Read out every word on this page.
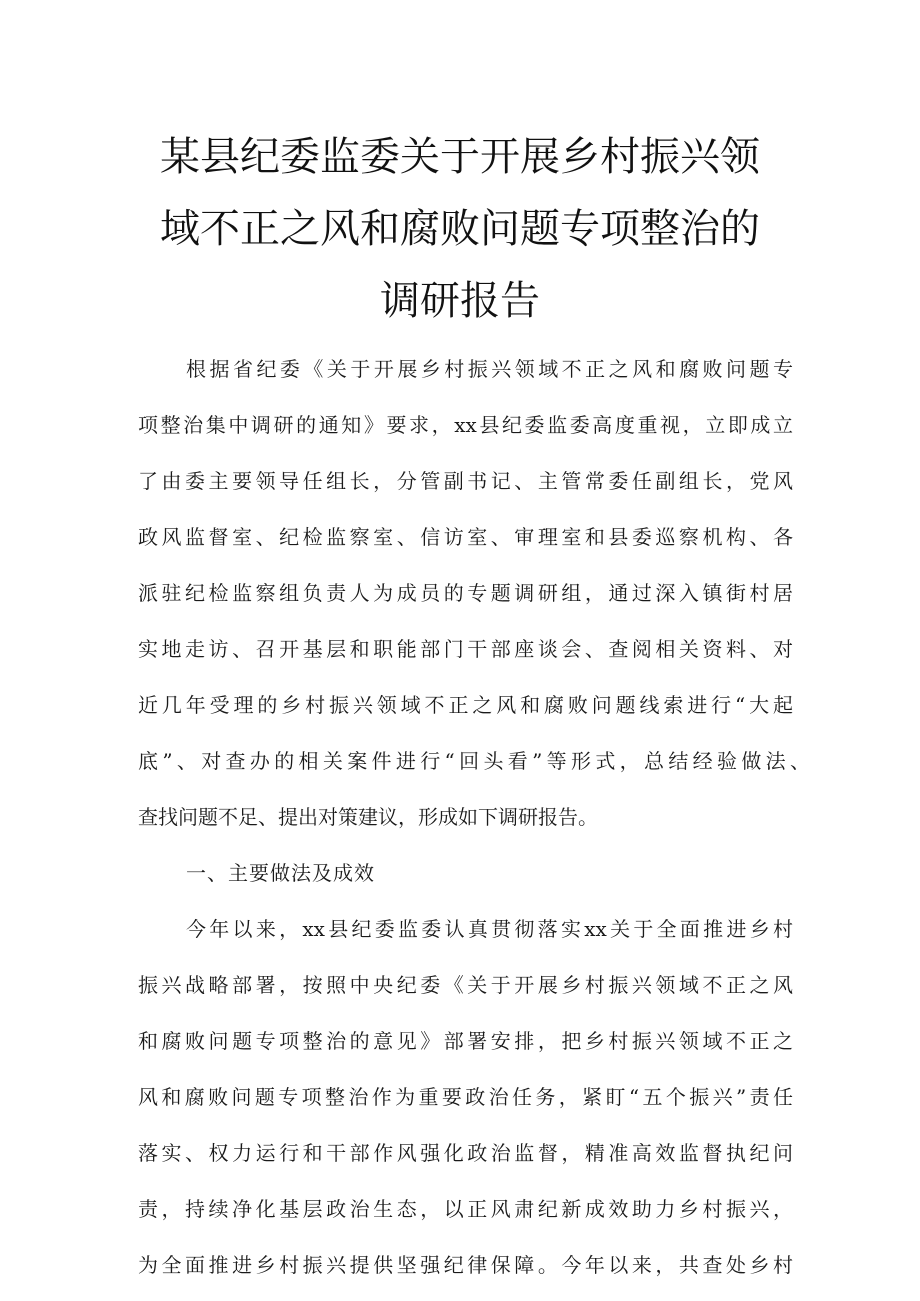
某县纪委监委关于开展乡村振兴领
域不正之风和腐败问题专项整治的
调研报告
根据省纪委《关于开展乡村振兴领域不正之风和腐败问题专
项整治集中调研的通知》要求，xx县纪委监委高度重视，立即成立
了由委主要领导任组长，分管副书记、主管常委任副组长，党风
政风监督室、纪检监察室、信访室、审理室和县委巡察机构、各
派驻纪检监察组负责人为成员的专题调研组，通过深入镇街村居
实地走访、召开基层和职能部门干部座谈会、查阅相关资料、对
近几年受理的乡村振兴领域不正之风和腐败问题线索进行“大起
底”、对查办的相关案件进行“回头看”等形式，总结经验做法、
查找问题不足、提出对策建议，形成如下调研报告。
一、主要做法及成效
今年以来，xx县纪委监委认真贯彻落实xx关于全面推进乡村
振兴战略部署，按照中央纪委《关于开展乡村振兴领域不正之风
和腐败问题专项整治的意见》部署安排，把乡村振兴领域不正之
风和腐败问题专项整治作为重要政治任务，紧盯“五个振兴”责任
落实、权力运行和干部作风强化政治监督，精准高效监督执纪问
责，持续净化基层政治生态，以正风肃纪新成效助力乡村振兴，
为全面推进乡村振兴提供坚强纪律保障。今年以来，共查处乡村
